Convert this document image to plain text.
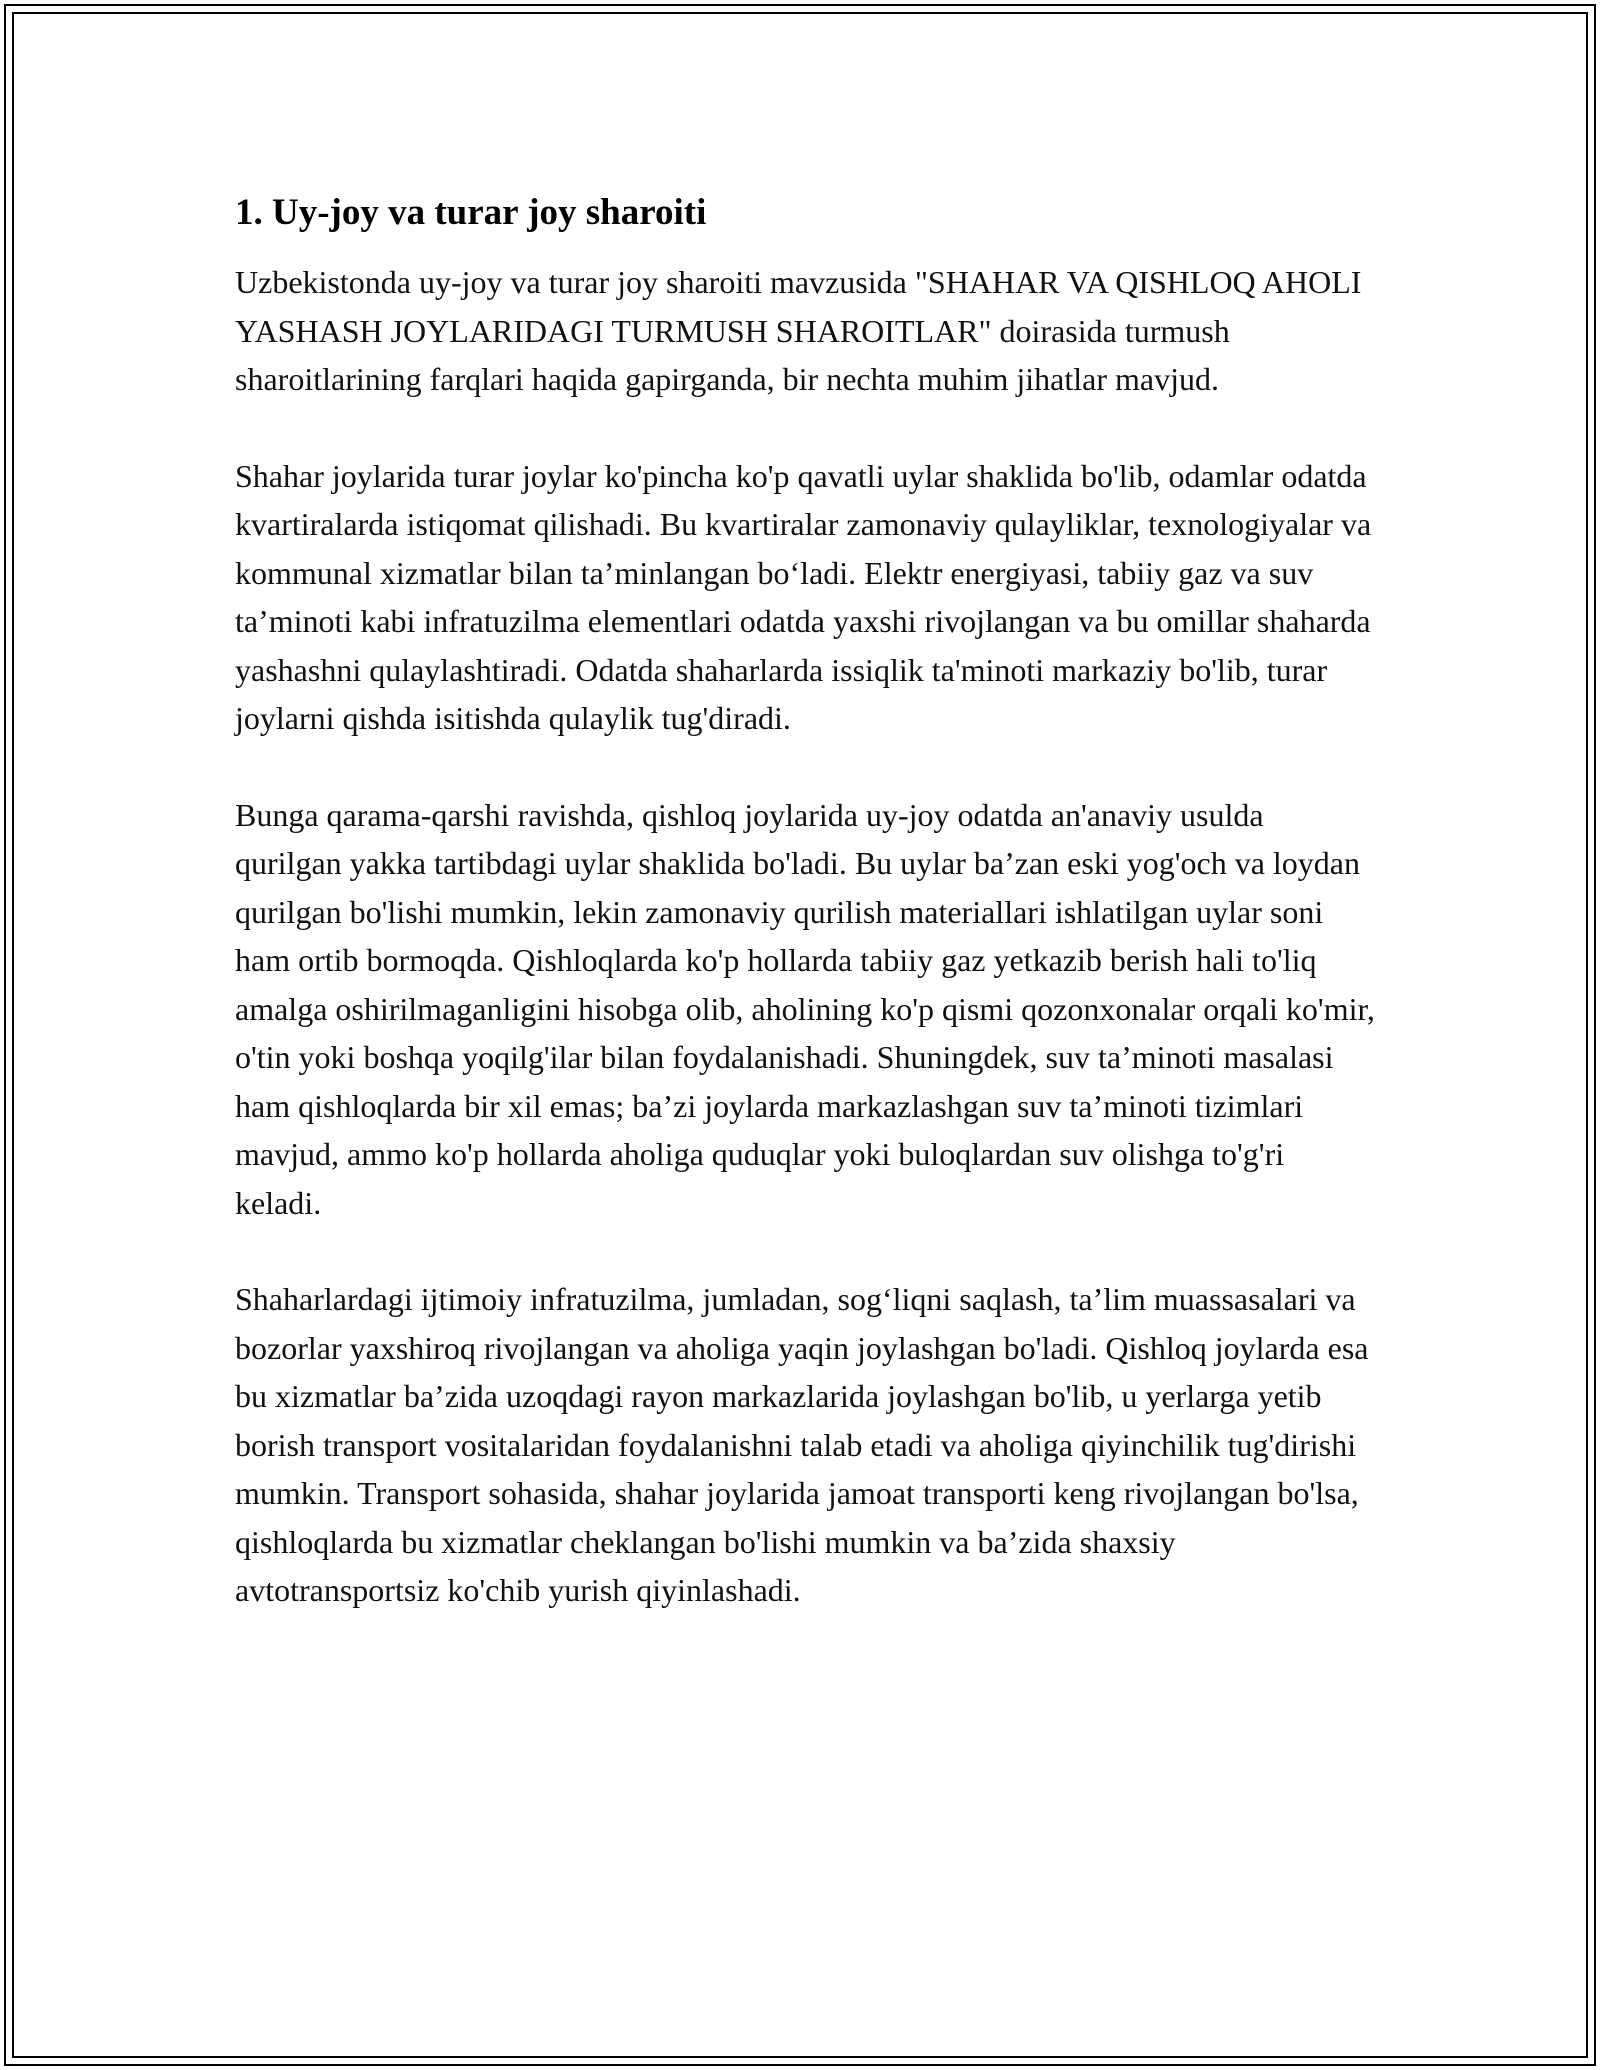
1. Uy-joy va turar joy sharoiti

Uzbekistonda uy-joy va turar joy sharoiti mavzusida "SHAHAR VA QISHLOQ AHOLI YASHASH JOYLARIDAGI TURMUSH SHAROITLAR" doirasida turmush sharoitlarining farqlari haqida gapirganda, bir nechta muhim jihatlar mavjud.

Shahar joylarida turar joylar ko'pincha ko'p qavatli uylar shaklida bo'lib, odamlar odatda kvartiralarda istiqomat qilishadi. Bu kvartiralar zamonaviy qulayliklar, texnologiyalar va kommunal xizmatlar bilan ta’minlangan bo‘ladi. Elektr energiyasi, tabiiy gaz va suv ta’minoti kabi infratuzilma elementlari odatda yaxshi rivojlangan va bu omillar shaharda yashashni qulaylashtiradi. Odatda shaharlarda issiqlik ta'minoti markaziy bo'lib, turar joylarni qishda isitishda qulaylik tug'diradi.

Bunga qarama-qarshi ravishda, qishloq joylarida uy-joy odatda an'anaviy usulda qurilgan yakka tartibdagi uylar shaklida bo'ladi. Bu uylar ba’zan eski yog'och va loydan qurilgan bo'lishi mumkin, lekin zamonaviy qurilish materiallari ishlatilgan uylar soni ham ortib bormoqda. Qishloqlarda ko'p hollarda tabiiy gaz yetkazib berish hali to'liq amalga oshirilmaganligini hisobga olib, aholining ko'p qismi qozonxonalar orqali ko'mir, o'tin yoki boshqa yoqilg'ilar bilan foydalanishadi. Shuningdek, suv ta’minoti masalasi ham qishloqlarda bir xil emas; ba’zi joylarda markazlashgan suv ta’minoti tizimlari mavjud, ammo ko'p hollarda aholiga quduqlar yoki buloqlardan suv olishga to'g'ri keladi.

Shaharlardagi ijtimoiy infratuzilma, jumladan, sog‘liqni saqlash, ta’lim muassasalari va bozorlar yaxshiroq rivojlangan va aholiga yaqin joylashgan bo'ladi. Qishloq joylarda esa bu xizmatlar ba’zida uzoqdagi rayon markazlarida joylashgan bo'lib, u yerlarga yetib borish transport vositalaridan foydalanishni talab etadi va aholiga qiyinchilik tug'dirishi mumkin. Transport sohasida, shahar joylarida jamoat transporti keng rivojlangan bo'lsa, qishloqlarda bu xizmatlar cheklangan bo'lishi mumkin va ba’zida shaxsiy avtotransportsiz ko'chib yurish qiyinlashadi.
